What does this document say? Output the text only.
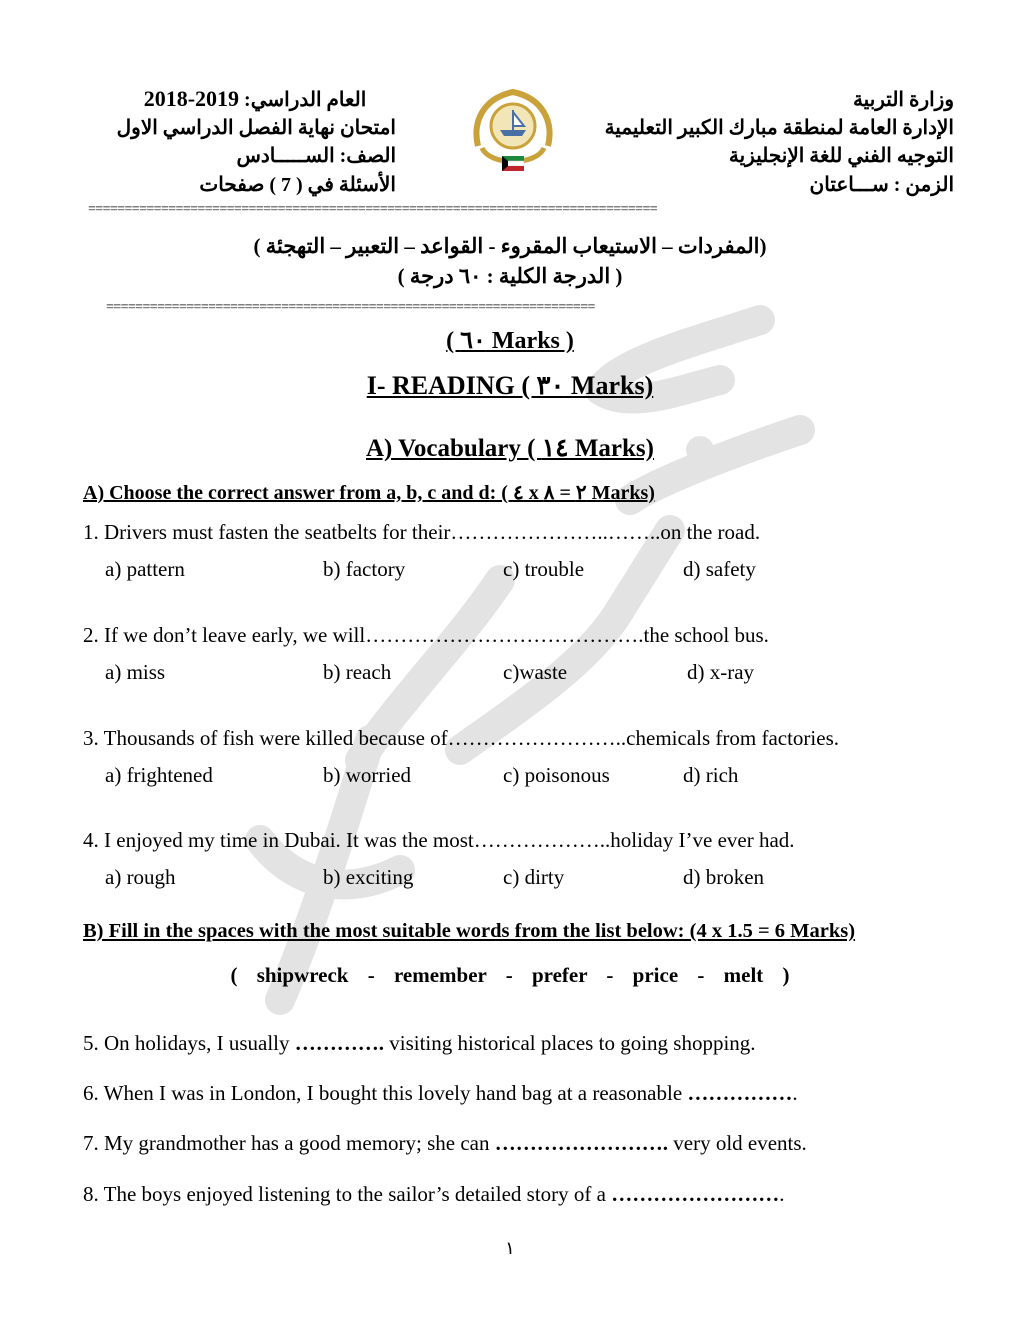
وزارة التربية
الإدارة العامة لمنطقة مبارك الكبير التعليمية
التوجيه الفني للغة الإنجليزية
الزمن : ســـاعتان
العام الدراسي: 2019-2018
امتحان نهاية الفصل الدراسي الاول
الصف: الســـــادس
الأسئلة في ( 7 ) صفحات
==============================================================================
(المفردات – الاستيعاب المقروء - القواعد – التعبير – التهجئة )
( الدرجة الكلية : ٦٠ درجة )
===================================================================
( ٦٠ Marks )
I- READING ( ٣٠ Marks)
A) Vocabulary ( ١٤ Marks)
A) Choose the correct answer from a, b, c and d: ( ٤ x ٢ = ٨ Marks)
1. Drivers must fasten the seatbelts for their…………………..……..on the road.
a) pattern	b) factory	c) trouble	d) safety
2. If we don’t leave early, we will………………………………….the school bus.
a) miss	b) reach	c)waste	d) x-ray
3. Thousands of fish were killed because of……………………..chemicals from factories.
a) frightened	b) worried	c) poisonous	d) rich
4. I enjoyed my time in Dubai. It was the most………………..holiday I’ve ever had.
a) rough	b) exciting	c) dirty	d) broken
B) Fill in the spaces with the most suitable words from the list below: (4 x 1.5 = 6 Marks)
( shipwreck - remember - prefer - price - melt )
5. On holidays, I usually …………. visiting historical places to going shopping.
6. When I was in London, I bought this lovely hand bag at a reasonable …………….
7. My grandmother has a good memory; she can ……………………. very old events.
8. The boys enjoyed listening to the sailor’s detailed story of a …………………….
١
